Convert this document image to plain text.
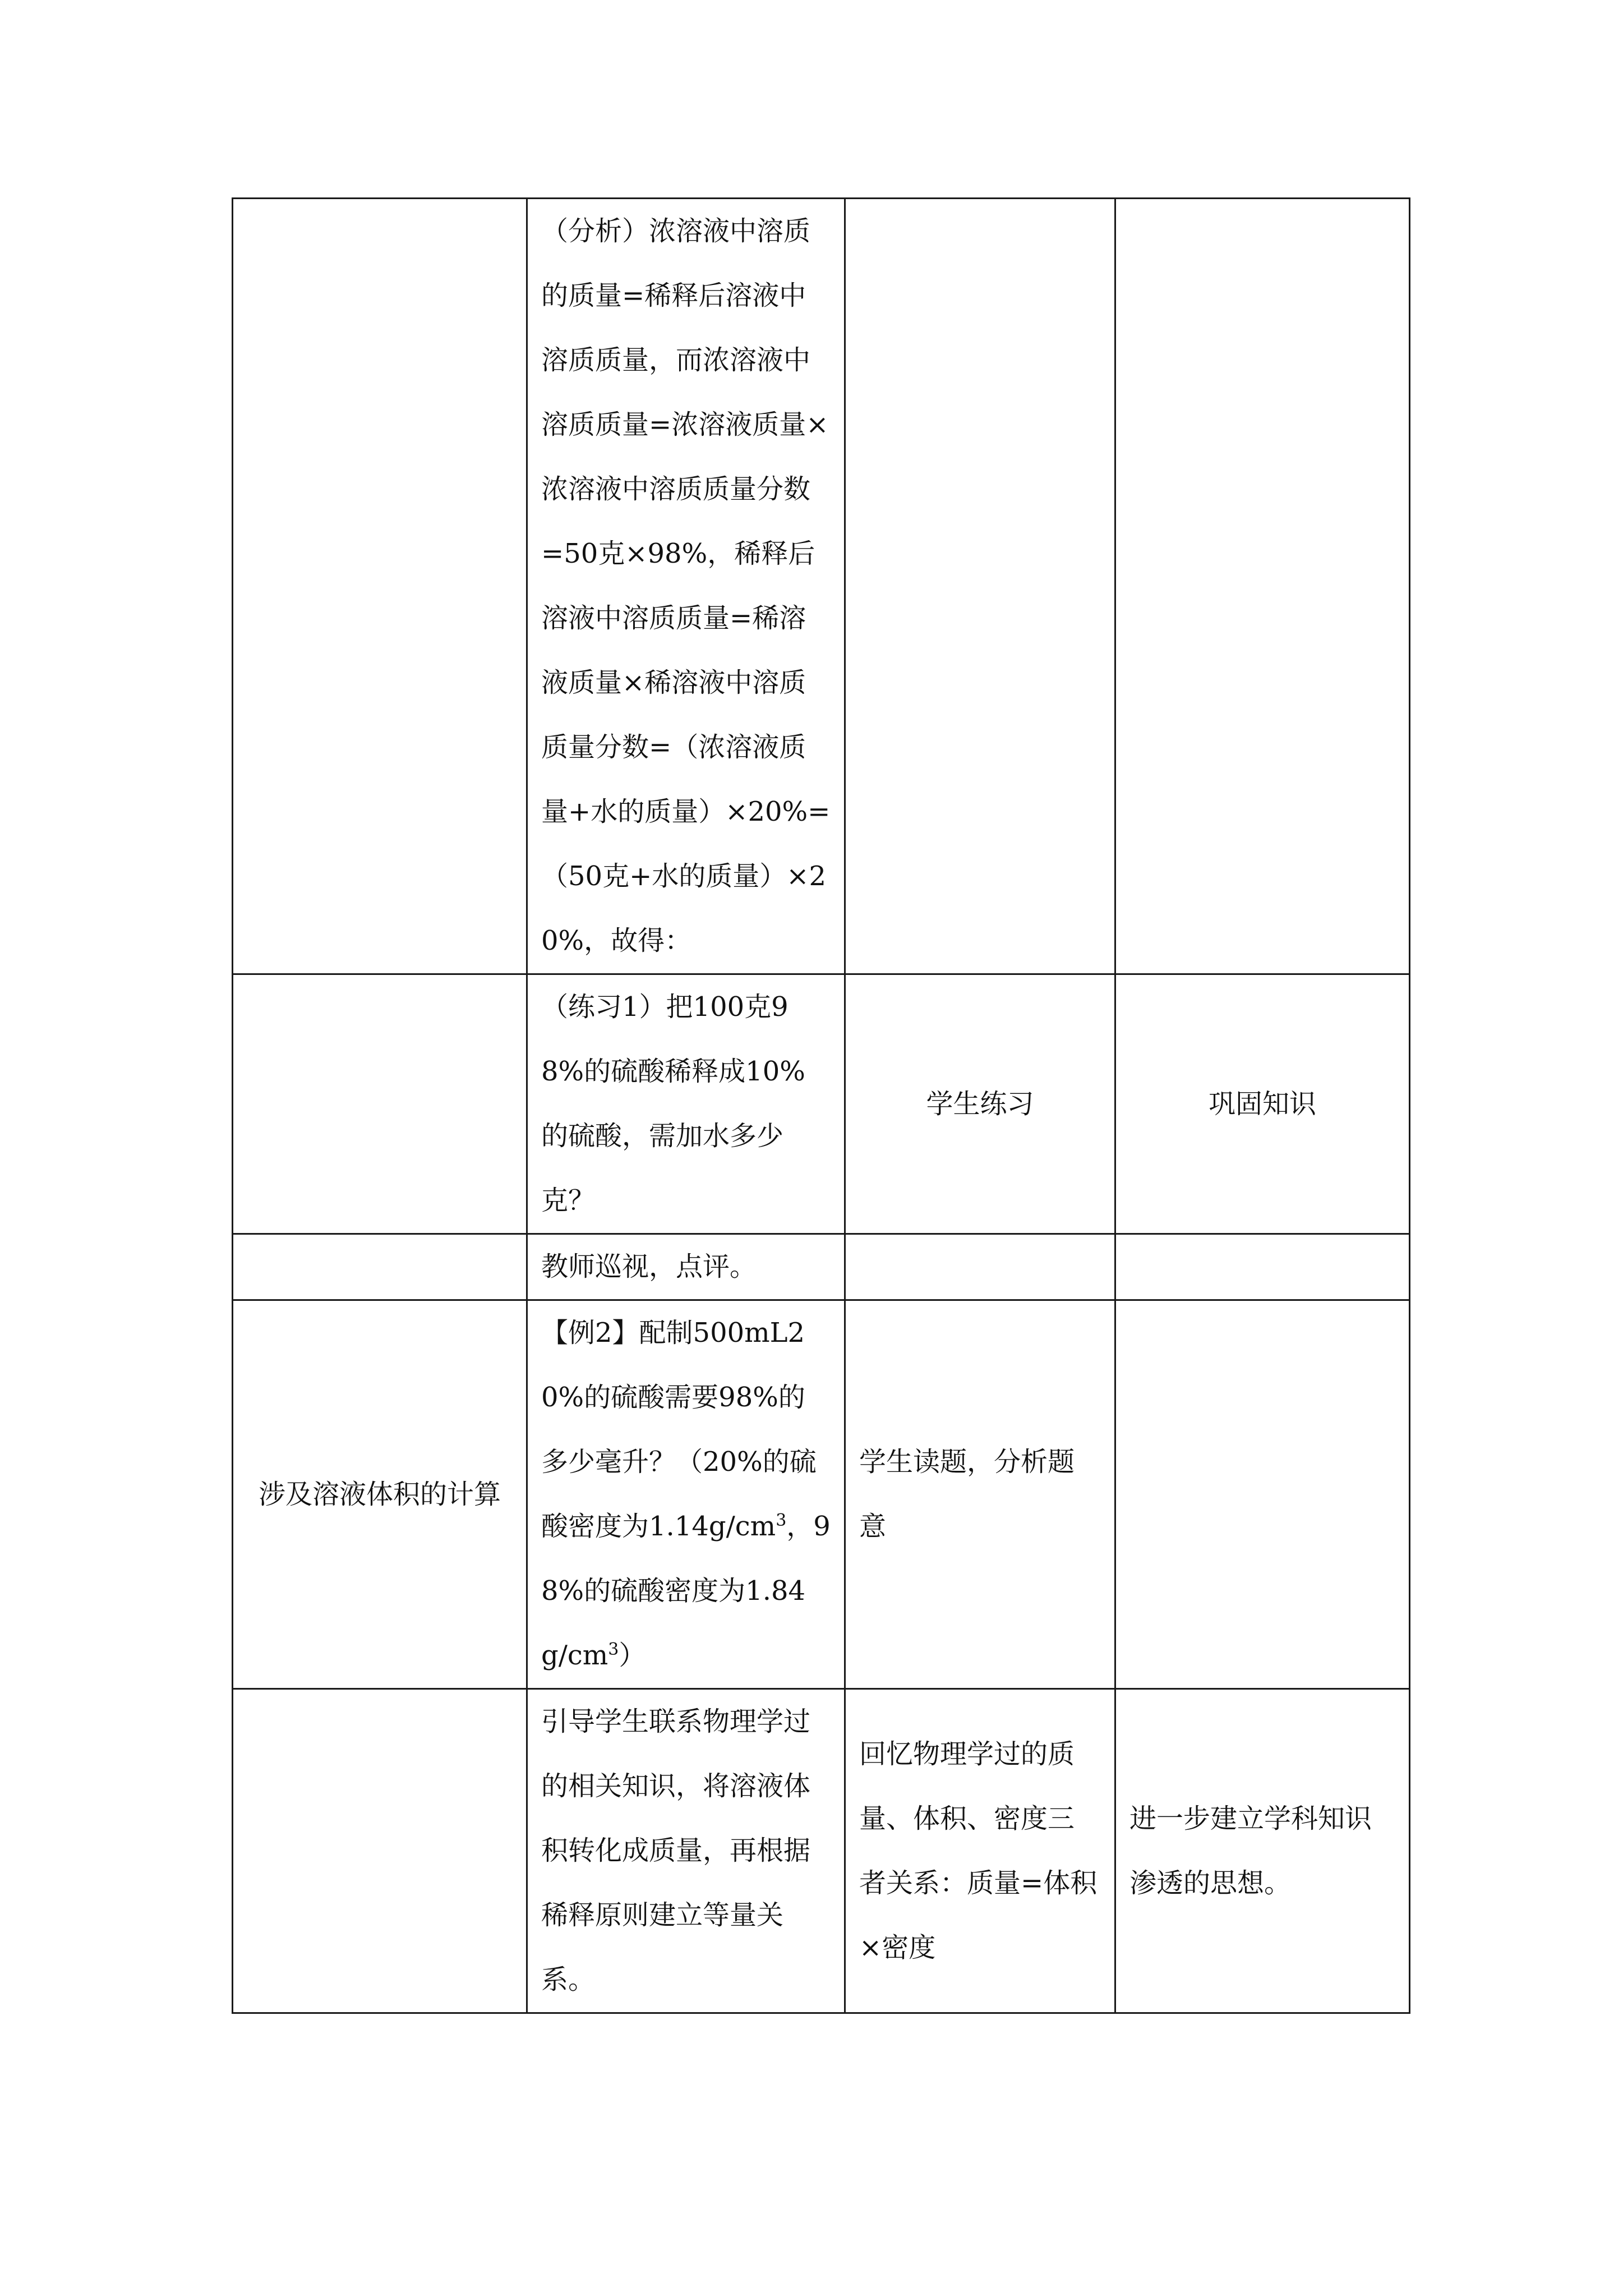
	（分析）浓溶液中溶质的质量=稀释后溶液中溶质质量，而浓溶液中溶质质量=浓溶液质量×浓溶液中溶质质量分数=50克×98%，稀释后溶液中溶质质量=稀溶液质量×稀溶液中溶质质量分数=（浓溶液质量+水的质量）×20%=（50克+水的质量）×20%，故得：		

	（练习1）把100克98%的硫酸稀释成10%的硫酸，需加水多少克？	学生练习	巩固知识

	教师巡视，点评。		

涉及溶液体积的计算	【例2】配制500mL20%的硫酸需要98%的多少毫升？（20%的硫酸密度为$1.14g/cm^3$，98%的硫酸密度为$1.84g/cm^3$）	学生读题，分析题意	

	引导学生联系物理学过的相关知识，将溶液体积转化成质量，再根据稀释原则建立等量关系。	回忆物理学过的质量、体积、密度三者关系：质量=体积×密度	进一步建立学科知识渗透的思想。
